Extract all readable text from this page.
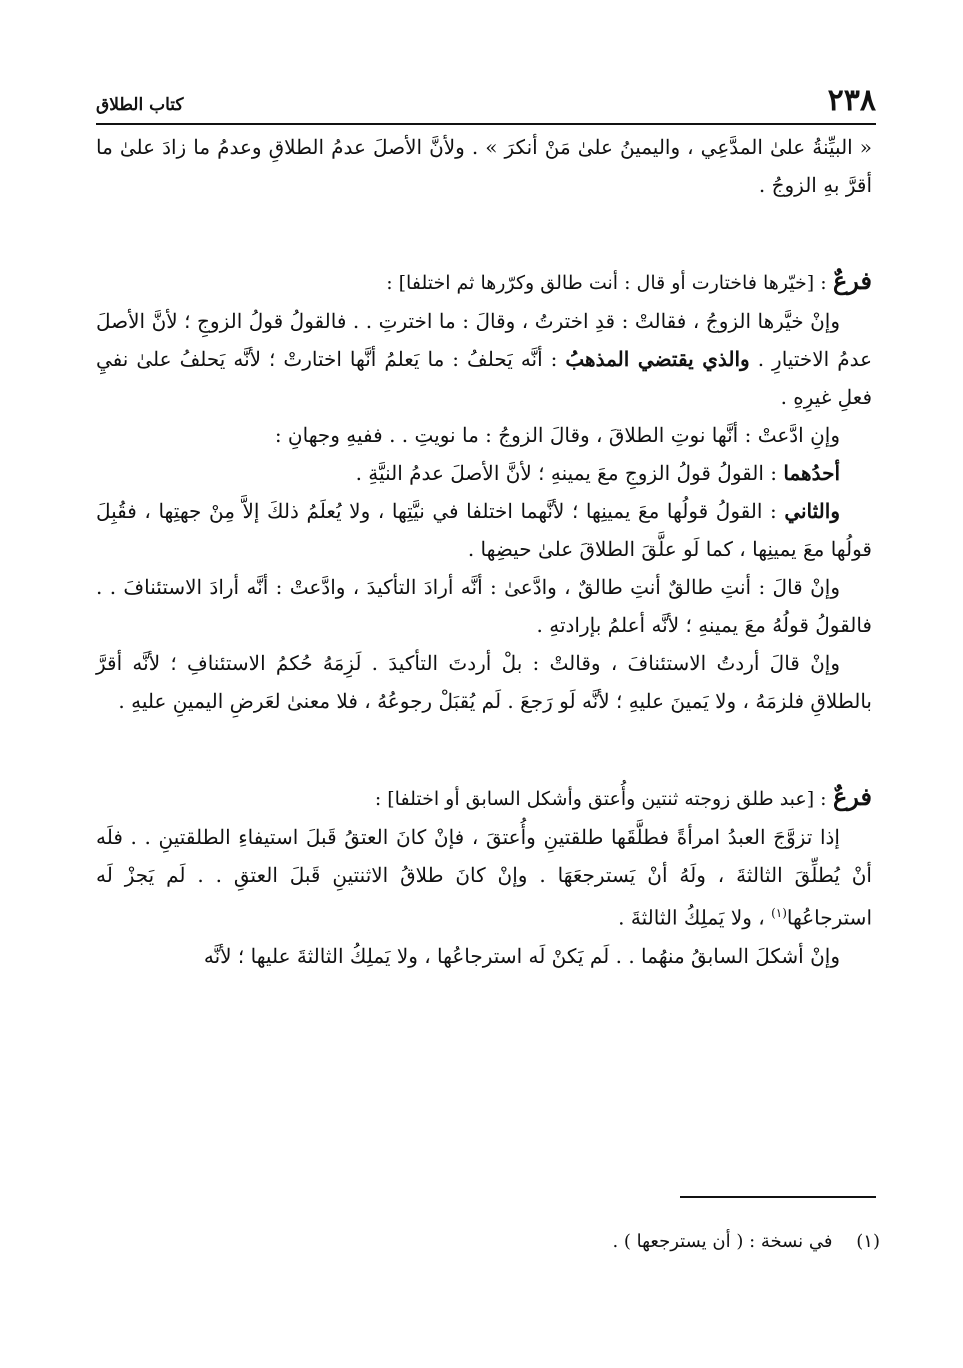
٢٣٨
كتاب الطلاق

« البيِّنةُ علىٰ المدَّعِي ، واليمينُ علىٰ مَنْ أنكرَ » . ولأنَّ الأصلَ عدمُ الطلاقِ وعدمُ ما زادَ علىٰ ما أقرَّ بهِ الزوجُ .

فرعٌ : [خيّرها فاختارت أو قال : أنت طالق وكرّرها ثم اختلفا] :

وإنْ خيَّرها الزوجُ ، فقالتْ : قدِ اخترتُ ، وقالَ : ما اخترتِ . . فالقولُ قولُ الزوجِ ؛ لأنَّ الأصلَ عدمُ الاختيارِ . والذي يقتضي المذهبُ : أنَّه يَحلفُ : ما يَعلمُ أنَّها اختارتْ ؛ لأنَّه يَحلفُ علىٰ نفيِ فعلِ غيرِهِ .

وإنِ ادَّعتْ : أنَّها نوتِ الطلاقَ ، وقالَ الزوجُ : ما نويتِ . . ففيهِ وجهانِ :

أحدُهما : القولُ قولُ الزوجِ معَ يمينهِ ؛ لأنَّ الأصلَ عدمُ النيَّةِ .

والثاني : القولُ قولُها معَ يمينِها ؛ لأنَّهما اختلفا في نيَّتِها ، ولا يُعلَمُ ذلكَ إلاَّ مِنْ جهتِها ، فقُبِلَ قولُها معَ يمينِها ، كما لَو علَّقَ الطلاقَ علىٰ حيضِها .

وإنْ قالَ : أنتِ طالقٌ أنتِ طالقٌ ، وادَّعىٰ : أنَّه أرادَ التأكيدَ ، وادَّعتْ : أنَّه أرادَ الاستئنافَ . . فالقولُ قولُهُ معَ يمينهِ ؛ لأنَّه أعلمُ بإرادتهِ .

وإنْ قالَ أردتُ الاستئنافَ ، وقالتْ : بلْ أردتَ التأكيدَ . لَزِمَهُ حُكمُ الاستئنافِ ؛ لأنَّه أقرَّ بالطلاقِ فلزمَهُ ، ولا يَمينَ عليهِ ؛ لأنَّه لَو رَجعَ . لَم يُقبَلْ رجوعُهُ ، فلا معنىٰ لعَرضِ اليمينِ عليهِ .

فرعٌ : [عبد طلق زوجته ثنتين وأُعتق وأشكل السابق أو اختلفا] :

إذا تزوَّجَ العبدُ امرأةً فطلَّقَها طلقتينِ وأُعتقَ ، فإنْ كانَ العتقُ قَبلَ استيفاءِ الطلقتينِ . . فلَه أنْ يُطلِّقَ الثالثةَ ، ولَهُ أنْ يَسترجعَهَا . وإنْ كانَ طلاقُ الاثنتينِ قَبلَ العتقِ . . لَم يَجزْ لَه استرجاعُها$^{(١)}$ ، ولا يَملِكُ الثالثةَ .

وإنْ أشكلَ السابقُ منهُما . . لَم يَكنْ لَه استرجاعُها ، ولا يَملِكُ الثالثةَ عليها ؛ لأنَّه

(١) في نسخة : ( أن يسترجعها ) .
